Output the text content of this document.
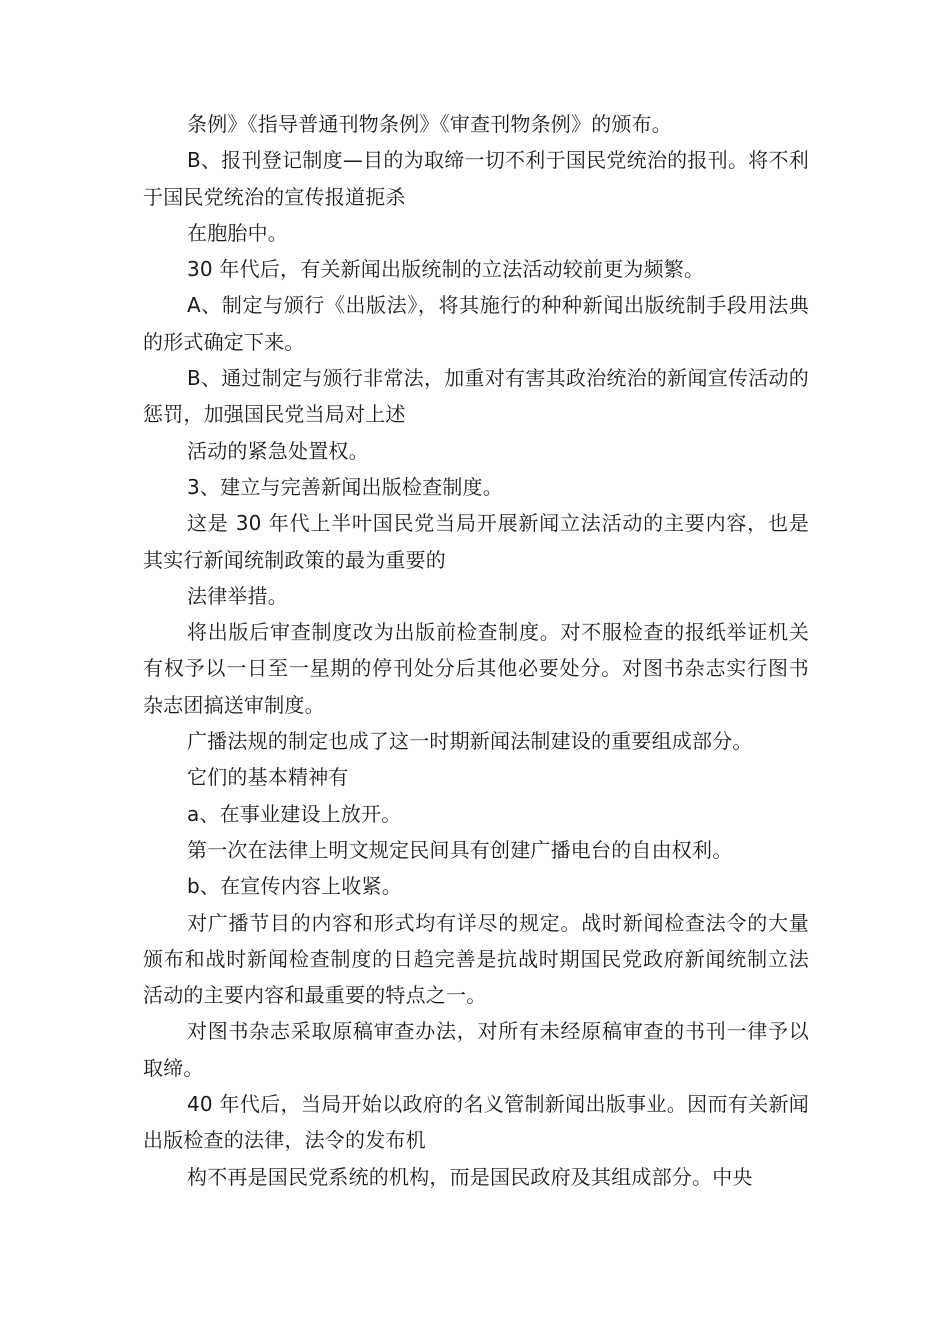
条例》《指导普通刊物条例》《审查刊物条例》的颁布。

B、报刊登记制度—目的为取缔一切不利于国民党统治的报刊。将不利于国民党统治的宣传报道扼杀

在胞胎中。

30 年代后，有关新闻出版统制的立法活动较前更为频繁。

A、制定与颁行《出版法》，将其施行的种种新闻出版统制手段用法典的形式确定下来。

B、通过制定与颁行非常法，加重对有害其政治统治的新闻宣传活动的惩罚，加强国民党当局对上述

活动的紧急处置权。

3、建立与完善新闻出版检查制度。

这是 30 年代上半叶国民党当局开展新闻立法活动的主要内容，也是其实行新闻统制政策的最为重要的

法律举措。

将出版后审查制度改为出版前检查制度。对不服检查的报纸举证机关有权予以一日至一星期的停刊处分后其他必要处分。对图书杂志实行图书杂志团搞送审制度。

广播法规的制定也成了这一时期新闻法制建设的重要组成部分。

它们的基本精神有

a、在事业建设上放开。

第一次在法律上明文规定民间具有创建广播电台的自由权利。

b、在宣传内容上收紧。

对广播节目的内容和形式均有详尽的规定。战时新闻检查法令的大量颁布和战时新闻检查制度的日趋完善是抗战时期国民党政府新闻统制立法活动的主要内容和最重要的特点之一。

对图书杂志采取原稿审查办法，对所有未经原稿审查的书刊一律予以取缔。

40 年代后，当局开始以政府的名义管制新闻出版事业。因而有关新闻出版检查的法律，法令的发布机

构不再是国民党系统的机构，而是国民政府及其组成部分。中央
